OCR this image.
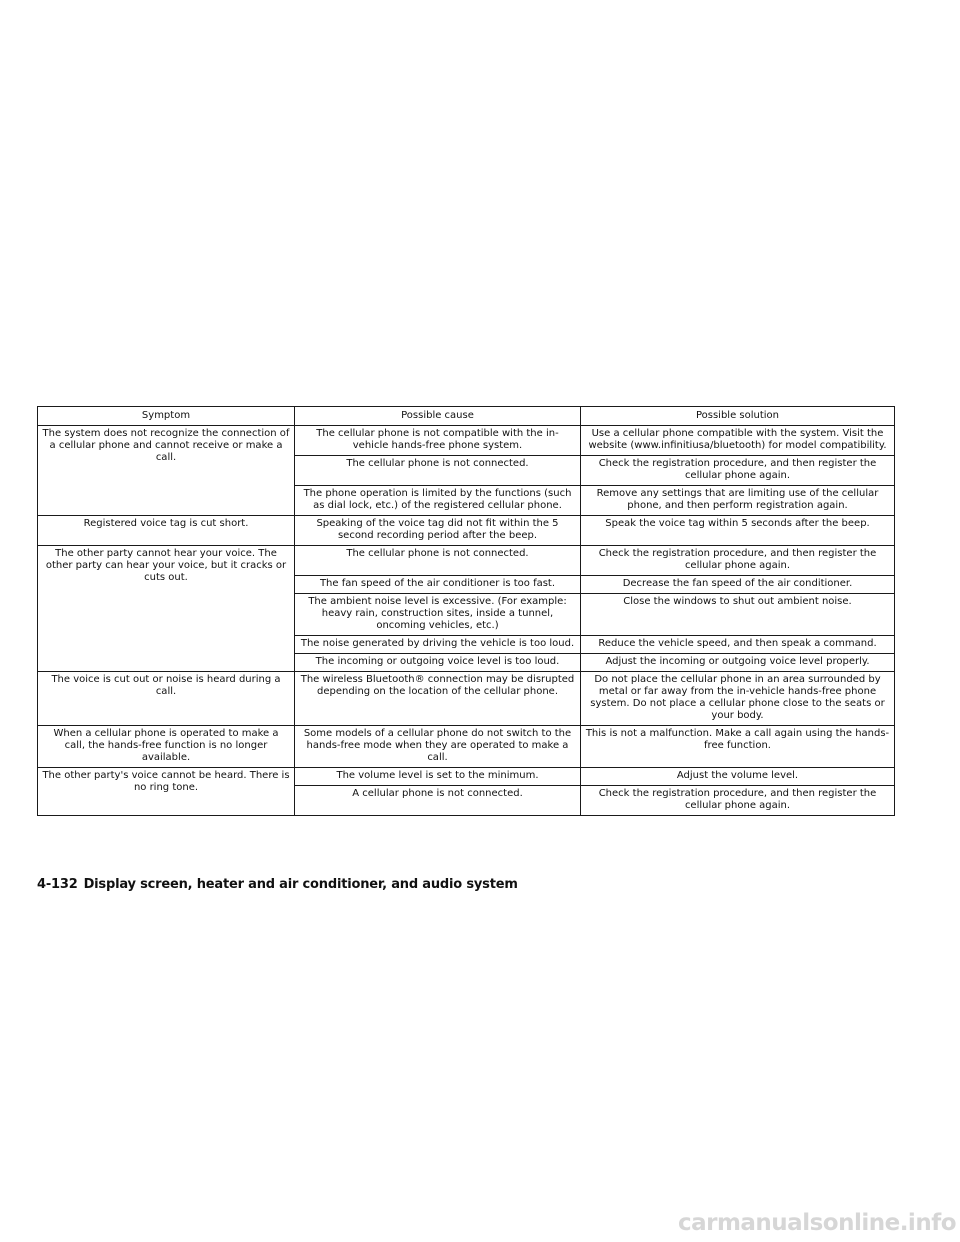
Symptom	Possible cause	Possible solution
The system does not recognize the connection of a cellular phone and cannot receive or make a call.	The cellular phone is not compatible with the in-vehicle hands-free phone system.	Use a cellular phone compatible with the system. Visit the website (www.infinitiusa/bluetooth) for model compatibility.
	The cellular phone is not connected.	Check the registration procedure, and then register the cellular phone again.
	The phone operation is limited by the functions (such as dial lock, etc.) of the registered cellular phone.	Remove any settings that are limiting use of the cellular phone, and then perform registration again.
Registered voice tag is cut short.	Speaking of the voice tag did not fit within the 5 second recording period after the beep.	Speak the voice tag within 5 seconds after the beep.
The other party cannot hear your voice. The other party can hear your voice, but it cracks or cuts out.	The cellular phone is not connected.	Check the registration procedure, and then register the cellular phone again.
	The fan speed of the air conditioner is too fast.	Decrease the fan speed of the air conditioner.
	The ambient noise level is excessive. (For example: heavy rain, construction sites, inside a tunnel, oncoming vehicles, etc.)	Close the windows to shut out ambient noise.
	The noise generated by driving the vehicle is too loud.	Reduce the vehicle speed, and then speak a command.
	The incoming or outgoing voice level is too loud.	Adjust the incoming or outgoing voice level properly.
The voice is cut out or noise is heard during a call.	The wireless Bluetooth® connection may be disrupted depending on the location of the cellular phone.	Do not place the cellular phone in an area surrounded by metal or far away from the in-vehicle hands-free phone system. Do not place a cellular phone close to the seats or your body.
When a cellular phone is operated to make a call, the hands-free function is no longer available.	Some models of a cellular phone do not switch to the hands-free mode when they are operated to make a call.	This is not a malfunction. Make a call again using the hands-free function.
The other party's voice cannot be heard. There is no ring tone.	The volume level is set to the minimum.	Adjust the volume level.
	A cellular phone is not connected.	Check the registration procedure, and then register the cellular phone again.
4-132 Display screen, heater and air conditioner, and audio system
carmanualsonline.info
